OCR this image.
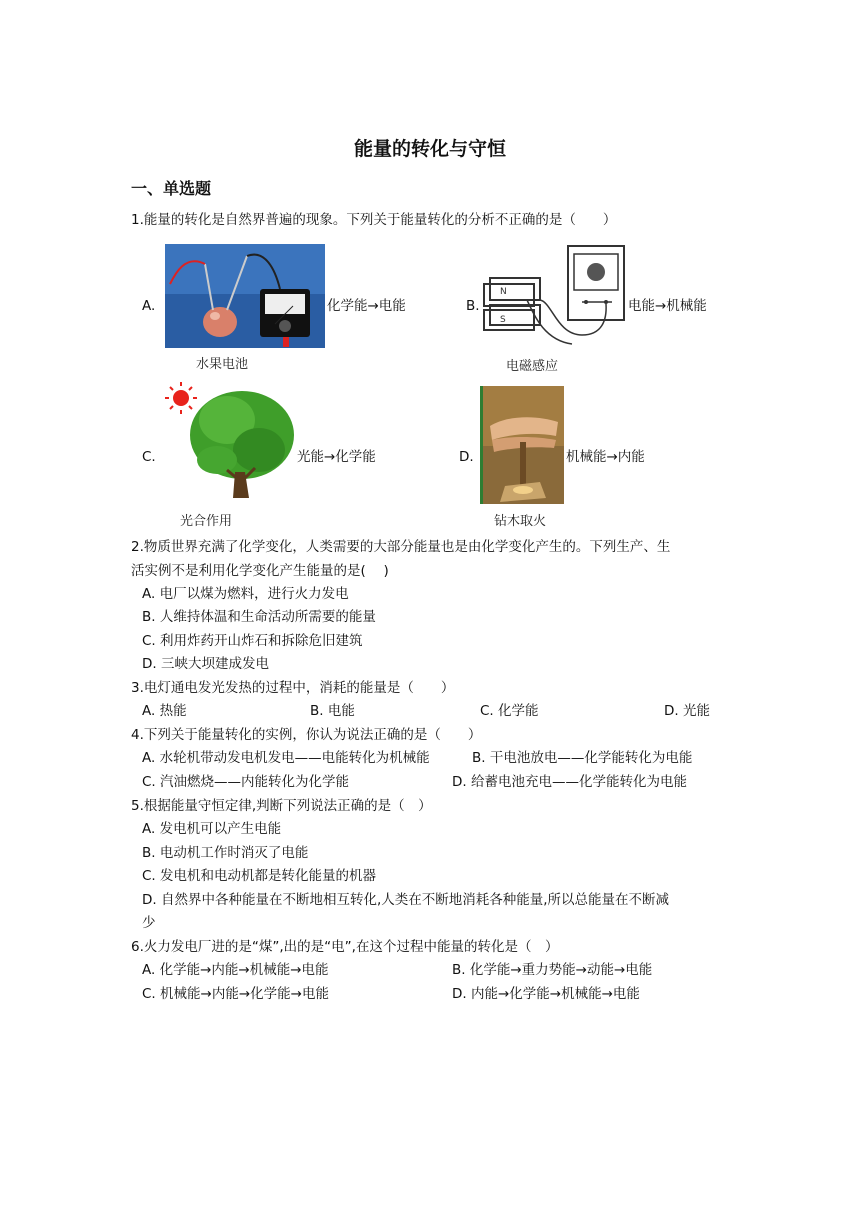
能量的转化与守恒
一、单选题
1.能量的转化是自然界普遍的现象。下列关于能量转化的分析不正确的是（　　）
A.
水果电池
化学能→电能	B.
N
S
电磁感应
电能→机械能
C.
光合作用
光能→化学能	D.
钻木取火
机械能→内能
2.物质世界充满了化学变化，人类需要的大部分能量也是由化学变化产生的。下列生产、生
活实例不是利用化学变化产生能量的是(　 )
A. 电厂以煤为燃料，进行火力发电
B. 人维持体温和生命活动所需要的能量
C. 利用炸药开山炸石和拆除危旧建筑
D. 三峡大坝建成发电
3.电灯通电发光发热的过程中，消耗的能量是（　　）
A. 热能	B. 电能	C. 化学能	D. 光能
4.下列关于能量转化的实例，你认为说法正确的是（　　）
A. 水轮机带动发电机发电——电能转化为机械能	B. 干电池放电——化学能转化为电能
C. 汽油燃烧——内能转化为化学能	D. 给蓄电池充电——化学能转化为电能
5.根据能量守恒定律,判断下列说法正确的是（　）
A. 发电机可以产生电能
B. 电动机工作时消灭了电能
C. 发电机和电动机都是转化能量的机器
D. 自然界中各种能量在不断地相互转化,人类在不断地消耗各种能量,所以总能量在不断减
少
6.火力发电厂进的是“煤”,出的是“电”,在这个过程中能量的转化是（　）
A. 化学能→内能→机械能→电能	B. 化学能→重力势能→动能→电能
C. 机械能→内能→化学能→电能	D. 内能→化学能→机械能→电能
